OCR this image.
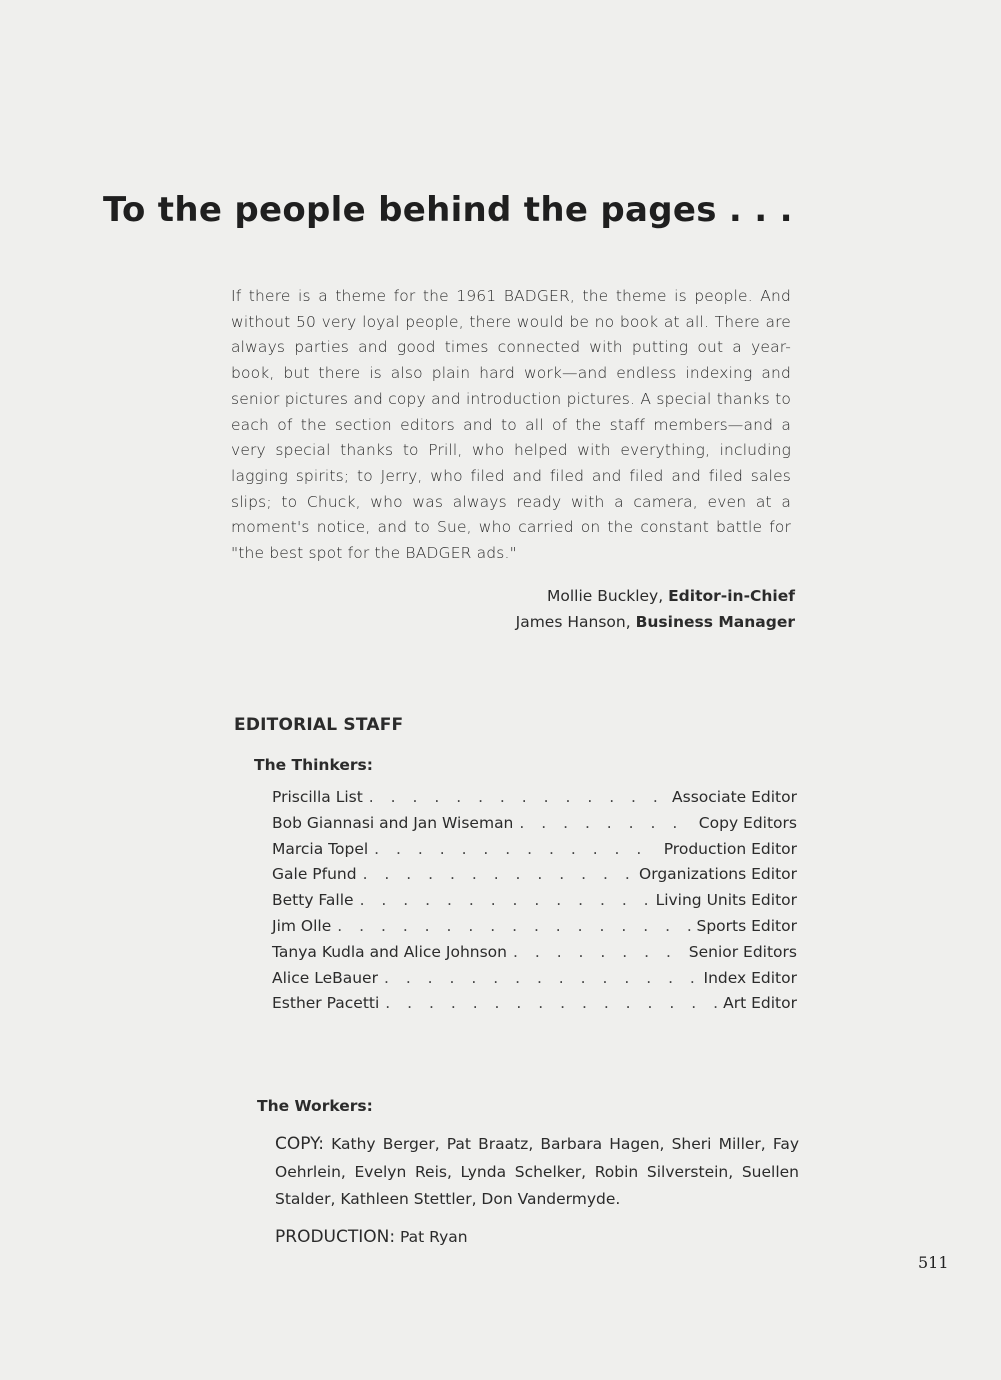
To the people behind the pages . . .

If there is a theme for the 1961 BADGER, the theme is people. And without 50 very loyal people, there would be no book at all. There are always parties and good times connected with putting out a year-book, but there is also plain hard work—and endless indexing and senior pictures and copy and introduction pictures. A special thanks to each of the section editors and to all of the staff members—and a very special thanks to Prill, who helped with everything, including lagging spirits; to Jerry, who filed and filed and filed and filed sales slips; to Chuck, who was always ready with a camera, even at a moment's notice, and to Sue, who carried on the constant battle for "the best spot for the BADGER ads."

Mollie Buckley, Editor-in-Chief
James Hanson, Business Manager
EDITORIAL STAFF
The Thinkers:
Priscilla List . . .	Associate Editor
Bob Giannasi and Jan Wiseman . . .	Copy Editors
Marcia Topel . . .	Production Editor
Gale Pfund . . .	Organizations Editor
Betty Falle . . .	Living Units Editor
Jim Olle . . .	Sports Editor
Tanya Kudla and Alice Johnson . . .	Senior Editors
Alice LeBauer . . .	Index Editor
Esther Pacetti . . .	Art Editor
The Workers:

COPY: Kathy Berger, Pat Braatz, Barbara Hagen, Sheri Miller, Fay Oehrlein, Evelyn Reis, Lynda Schelker, Robin Silverstein, Suellen Stalder, Kathleen Stettler, Don Vandermyde.

PRODUCTION: Pat Ryan

511
